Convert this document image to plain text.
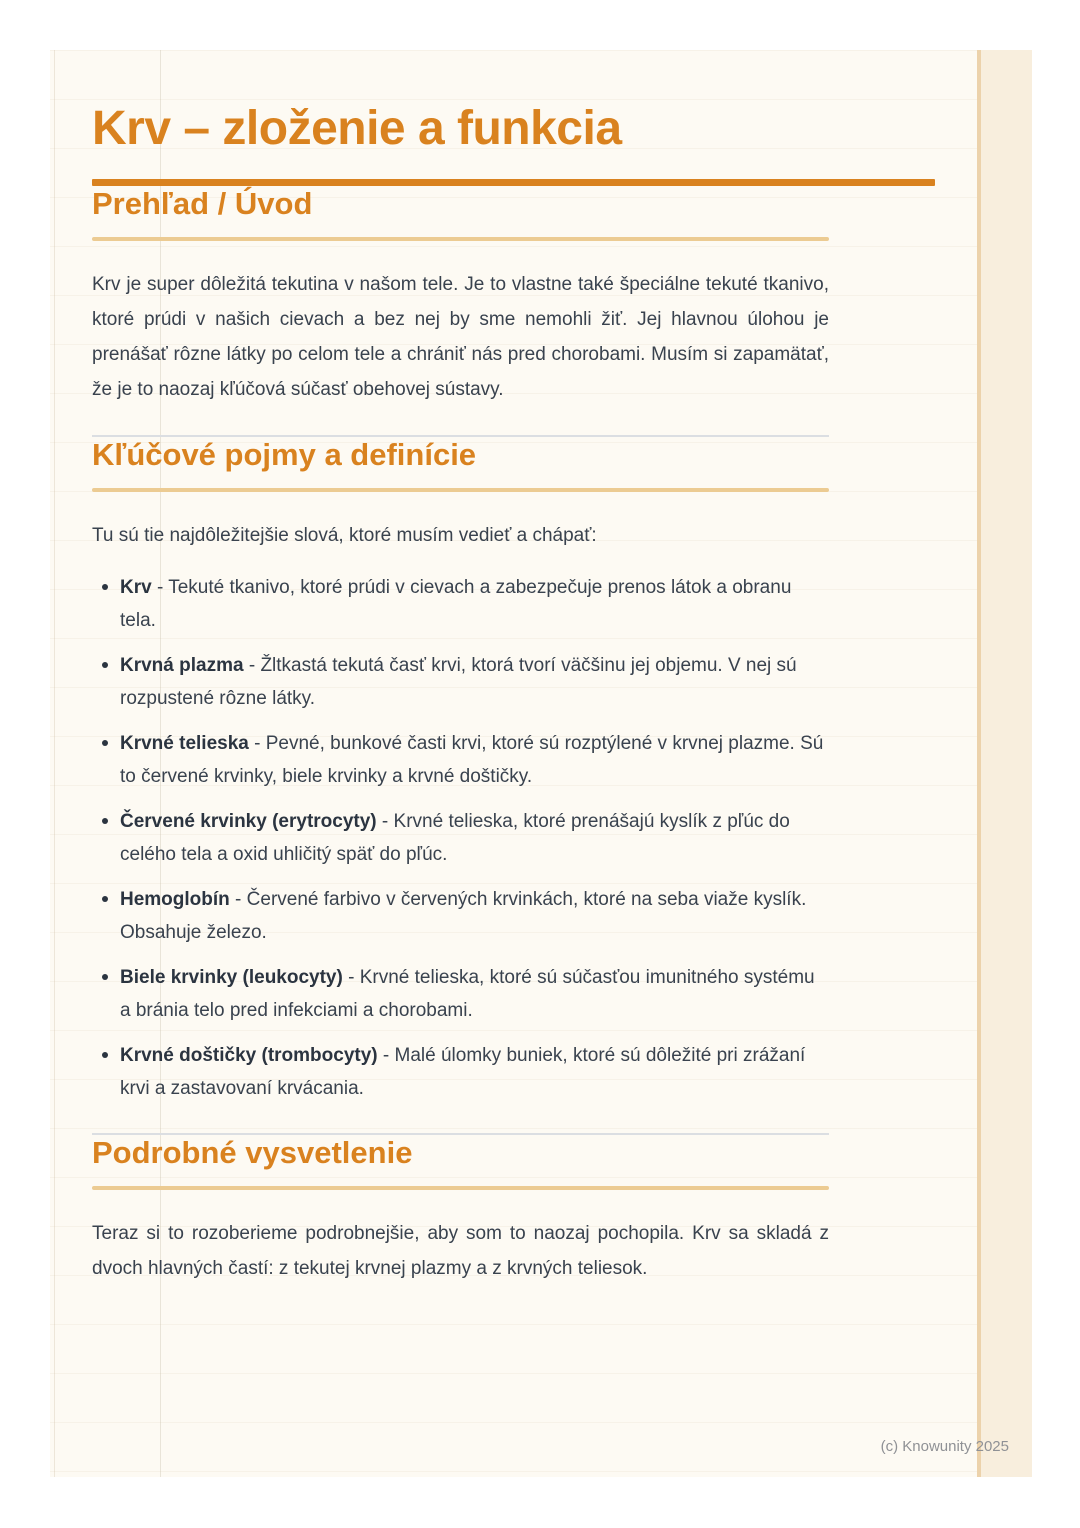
Krv – zloženie a funkcia
Prehľad / Úvod

Krv je super dôležitá tekutina v našom tele. Je to vlastne také špeciálne tekuté tkanivo, ktoré prúdi v našich cievach a bez nej by sme nemohli žiť. Jej hlavnou úlohou je prenášať rôzne látky po celom tele a chrániť nás pred chorobami. Musím si zapamätať, že je to naozaj kľúčová súčasť obehovej sústavy.

Kľúčové pojmy a definície

Tu sú tie najdôležitejšie slová, ktoré musím vedieť a chápať:

Krv - Tekuté tkanivo, ktoré prúdi v cievach a zabezpečuje prenos látok a obranu tela.
Krvná plazma - Žltkastá tekutá časť krvi, ktorá tvorí väčšinu jej objemu. V nej sú rozpustené rôzne látky.
Krvné telieska - Pevné, bunkové časti krvi, ktoré sú rozptýlené v krvnej plazme. Sú to červené krvinky, biele krvinky a krvné doštičky.
Červené krvinky (erytrocyty) - Krvné telieska, ktoré prenášajú kyslík z pľúc do celého tela a oxid uhličitý späť do pľúc.
Hemoglobín - Červené farbivo v červených krvinkách, ktoré na seba viaže kyslík. Obsahuje železo.
Biele krvinky (leukocyty) - Krvné telieska, ktoré sú súčasťou imunitného systému a bránia telo pred infekciami a chorobami.
Krvné doštičky (trombocyty) - Malé úlomky buniek, ktoré sú dôležité pri zrážaní krvi a zastavovaní krvácania.
Podrobné vysvetlenie

Teraz si to rozoberieme podrobnejšie, aby som to naozaj pochopila. Krv sa skladá z dvoch hlavných častí: z tekutej krvnej plazmy a z krvných teliesok.

(c) Knowunity 2025
